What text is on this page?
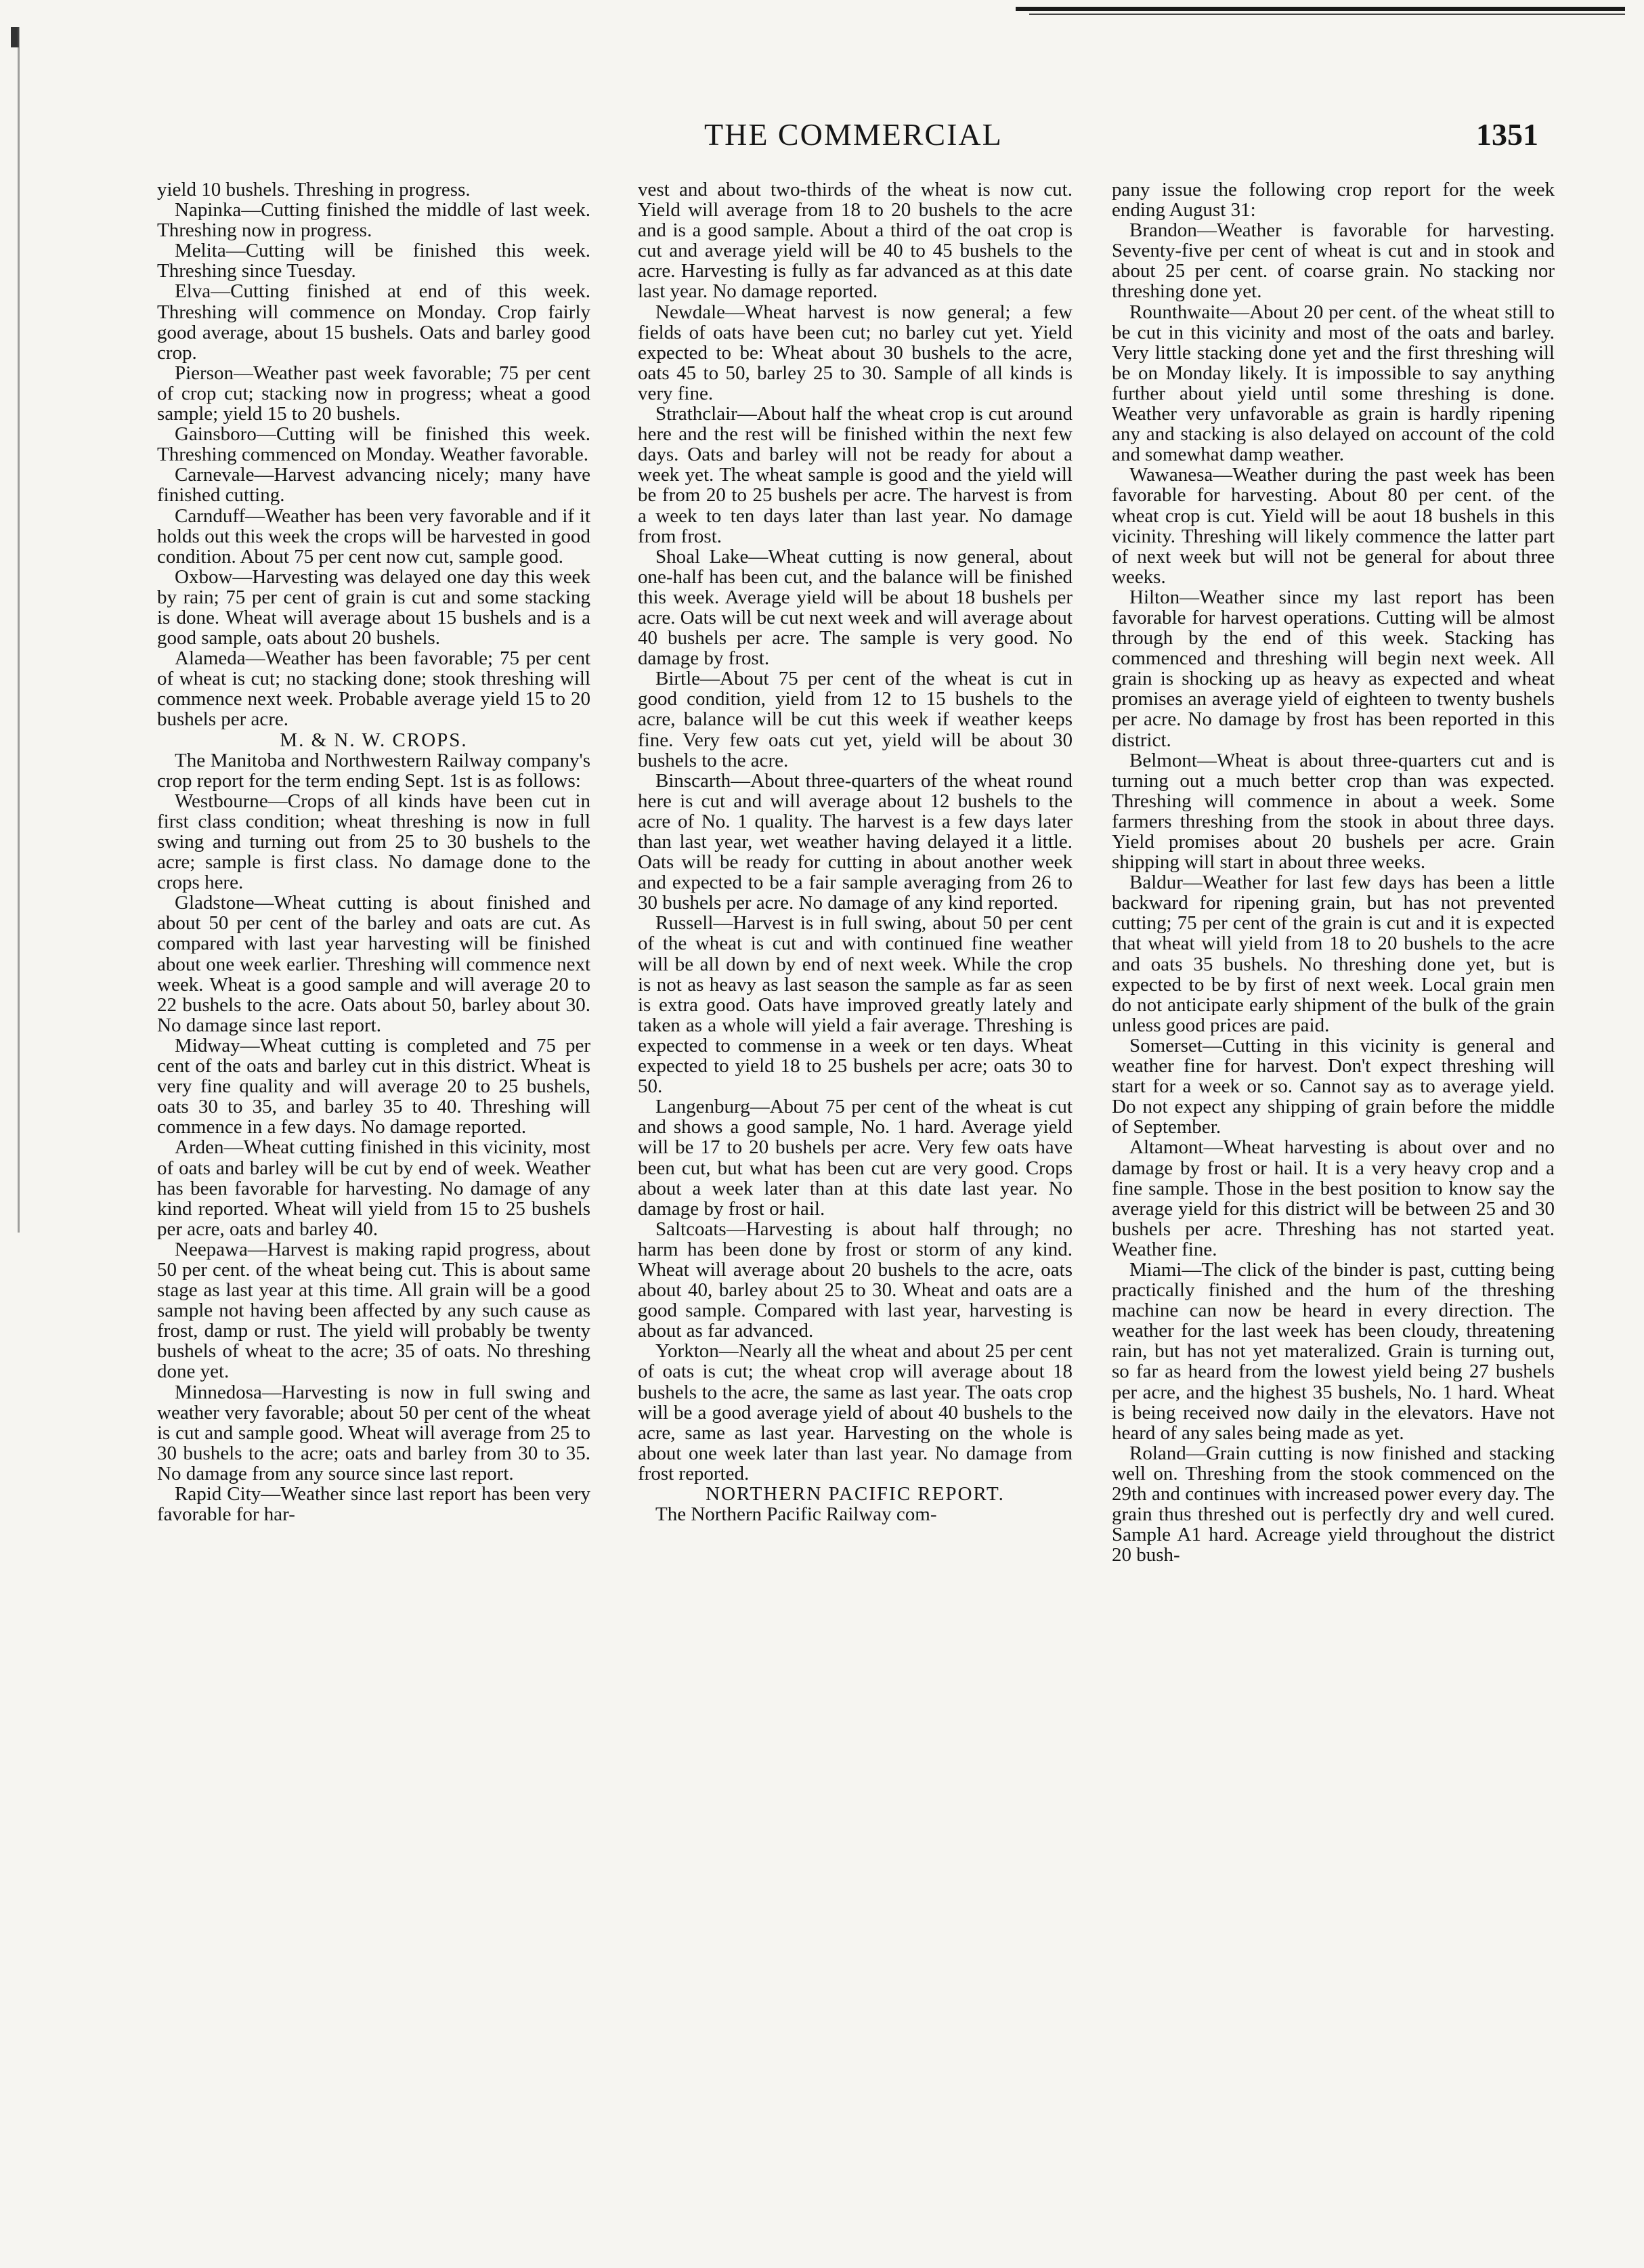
THE COMMERCIAL	1351

yield 10 bushels. Threshing in progress.

Napinka—Cutting finished the middle of last week. Threshing now in progress.

Melita—Cutting will be finished this week. Threshing since Tuesday.

Elva—Cutting finished at end of this week. Threshing will commence on Monday. Crop fairly good average, about 15 bushels. Oats and barley good crop.

Pierson—Weather past week favorable; 75 per cent of crop cut; stacking now in progress; wheat a good sample; yield 15 to 20 bushels.

Gainsboro—Cutting will be finished this week. Threshing commenced on Monday. Weather favorable.

Carnevale—Harvest advancing nicely; many have finished cutting.

Carnduff—Weather has been very favorable and if it holds out this week the crops will be harvested in good condition. About 75 per cent now cut, sample good.

Oxbow—Harvesting was delayed one day this week by rain; 75 per cent of grain is cut and some stacking is done. Wheat will average about 15 bushels and is a good sample, oats about 20 bushels.

Alameda—Weather has been favorable; 75 per cent of wheat is cut; no stacking done; stook threshing will commence next week. Probable average yield 15 to 20 bushels per acre.

M. & N. W. CROPS.

The Manitoba and Northwestern Railway company's crop report for the term ending Sept. 1st is as follows:

Westbourne—Crops of all kinds have been cut in first class condition; wheat threshing is now in full swing and turning out from 25 to 30 bushels to the acre; sample is first class. No damage done to the crops here.

Gladstone—Wheat cutting is about finished and about 50 per cent of the barley and oats are cut. As compared with last year harvesting will be finished about one week earlier. Threshing will commence next week. Wheat is a good sample and will average 20 to 22 bushels to the acre. Oats about 50, barley about 30. No damage since last report.

Midway—Wheat cutting is completed and 75 per cent of the oats and barley cut in this district. Wheat is very fine quality and will average 20 to 25 bushels, oats 30 to 35, and barley 35 to 40. Threshing will commence in a few days. No damage reported.

Arden—Wheat cutting finished in this vicinity, most of oats and barley will be cut by end of week. Weather has been favorable for harvesting. No damage of any kind reported. Wheat will yield from 15 to 25 bushels per acre, oats and barley 40.

Neepawa—Harvest is making rapid progress, about 50 per cent. of the wheat being cut. This is about same stage as last year at this time. All grain will be a good sample not having been affected by any such cause as frost, damp or rust. The yield will probably be twenty bushels of wheat to the acre; 35 of oats. No threshing done yet.

Minnedosa—Harvesting is now in full swing and weather very favorable; about 50 per cent of the wheat is cut and sample good. Wheat will average from 25 to 30 bushels to the acre; oats and barley from 30 to 35. No damage from any source since last report.

Rapid City—Weather since last report has been very favorable for har-

vest and about two-thirds of the wheat is now cut. Yield will average from 18 to 20 bushels to the acre and is a good sample. About a third of the oat crop is cut and average yield will be 40 to 45 bushels to the acre. Harvesting is fully as far advanced as at this date last year. No damage reported.

Newdale—Wheat harvest is now general; a few fields of oats have been cut; no barley cut yet. Yield expected to be: Wheat about 30 bushels to the acre, oats 45 to 50, barley 25 to 30. Sample of all kinds is very fine.

Strathclair—About half the wheat crop is cut around here and the rest will be finished within the next few days. Oats and barley will not be ready for about a week yet. The wheat sample is good and the yield will be from 20 to 25 bushels per acre. The harvest is from a week to ten days later than last year. No damage from frost.

Shoal Lake—Wheat cutting is now general, about one-half has been cut, and the balance will be finished this week. Average yield will be about 18 bushels per acre. Oats will be cut next week and will average about 40 bushels per acre. The sample is very good. No damage by frost.

Birtle—About 75 per cent of the wheat is cut in good condition, yield from 12 to 15 bushels to the acre, balance will be cut this week if weather keeps fine. Very few oats cut yet, yield will be about 30 bushels to the acre.

Binscarth—About three-quarters of the wheat round here is cut and will average about 12 bushels to the acre of No. 1 quality. The harvest is a few days later than last year, wet weather having delayed it a little. Oats will be ready for cutting in about another week and expected to be a fair sample averaging from 26 to 30 bushels per acre. No damage of any kind reported.

Russell—Harvest is in full swing, about 50 per cent of the wheat is cut and with continued fine weather will be all down by end of next week. While the crop is not as heavy as last season the sample as far as seen is extra good. Oats have improved greatly lately and taken as a whole will yield a fair average. Threshing is expected to commense in a week or ten days. Wheat expected to yield 18 to 25 bushels per acre; oats 30 to 50.

Langenburg—About 75 per cent of the wheat is cut and shows a good sample, No. 1 hard. Average yield will be 17 to 20 bushels per acre. Very few oats have been cut, but what has been cut are very good. Crops about a week later than at this date last year. No damage by frost or hail.

Saltcoats—Harvesting is about half through; no harm has been done by frost or storm of any kind. Wheat will average about 20 bushels to the acre, oats about 40, barley about 25 to 30. Wheat and oats are a good sample. Compared with last year, harvesting is about as far advanced.

Yorkton—Nearly all the wheat and about 25 per cent of oats is cut; the wheat crop will average about 18 bushels to the acre, the same as last year. The oats crop will be a good average yield of about 40 bushels to the acre, same as last year. Harvesting on the whole is about one week later than last year. No damage from frost reported.

NORTHERN PACIFIC REPORT.

The Northern Pacific Railway com-

pany issue the following crop report for the week ending August 31:

Brandon—Weather is favorable for harvesting. Seventy-five per cent of wheat is cut and in stook and about 25 per cent. of coarse grain. No stacking nor threshing done yet.

Rounthwaite—About 20 per cent. of the wheat still to be cut in this vicinity and most of the oats and barley. Very little stacking done yet and the first threshing will be on Monday likely. It is impossible to say anything further about yield until some threshing is done. Weather very unfavorable as grain is hardly ripening any and stacking is also delayed on account of the cold and somewhat damp weather.

Wawanesa—Weather during the past week has been favorable for harvesting. About 80 per cent. of the wheat crop is cut. Yield will be aout 18 bushels in this vicinity. Threshing will likely commence the latter part of next week but will not be general for about three weeks.

Hilton—Weather since my last report has been favorable for harvest operations. Cutting will be almost through by the end of this week. Stacking has commenced and threshing will begin next week. All grain is shocking up as heavy as expected and wheat promises an average yield of eighteen to twenty bushels per acre. No damage by frost has been reported in this district.

Belmont—Wheat is about three-quarters cut and is turning out a much better crop than was expected. Threshing will commence in about a week. Some farmers threshing from the stook in about three days. Yield promises about 20 bushels per acre. Grain shipping will start in about three weeks.

Baldur—Weather for last few days has been a little backward for ripening grain, but has not prevented cutting; 75 per cent of the grain is cut and it is expected that wheat will yield from 18 to 20 bushels to the acre and oats 35 bushels. No threshing done yet, but is expected to be by first of next week. Local grain men do not anticipate early shipment of the bulk of the grain unless good prices are paid.

Somerset—Cutting in this vicinity is general and weather fine for harvest. Don't expect threshing will start for a week or so. Cannot say as to average yield. Do not expect any shipping of grain before the middle of September.

Altamont—Wheat harvesting is about over and no damage by frost or hail. It is a very heavy crop and a fine sample. Those in the best position to know say the average yield for this district will be between 25 and 30 bushels per acre. Threshing has not started yeat. Weather fine.

Miami—The click of the binder is past, cutting being practically finished and the hum of the threshing machine can now be heard in every direction. The weather for the last week has been cloudy, threatening rain, but has not yet materalized. Grain is turning out, so far as heard from the lowest yield being 27 bushels per acre, and the highest 35 bushels, No. 1 hard. Wheat is being received now daily in the elevators. Have not heard of any sales being made as yet.

Roland—Grain cutting is now finished and stacking well on. Threshing from the stook commenced on the 29th and continues with increased power every day. The grain thus threshed out is perfectly dry and well cured. Sample A1 hard. Acreage yield throughout the district 20 bush-
